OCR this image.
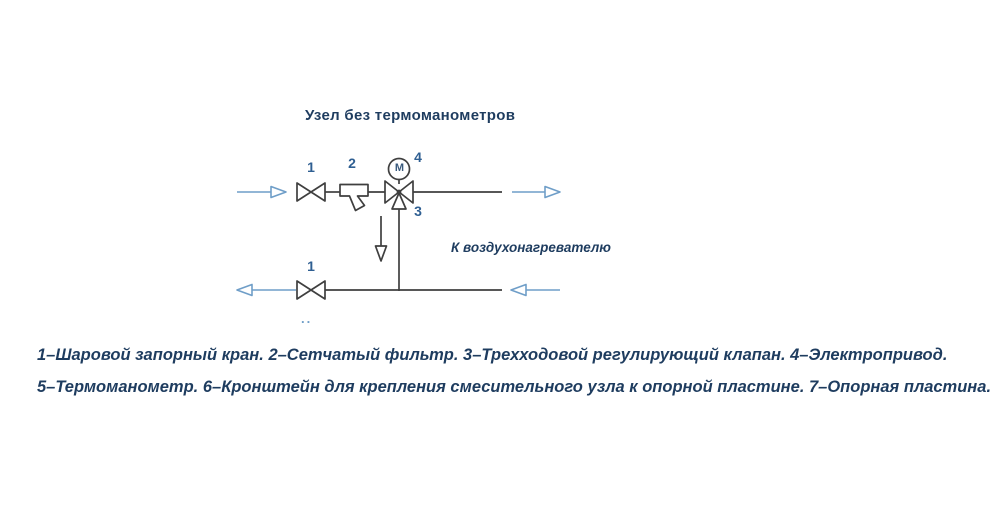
Узел без термоманометров
1 2	4
3
1
M
К воздухонагревателю
..
1–Шаровой запорный кран. 2–Сетчатый фильтр. 3–Трехходовой регулирующий клапан. 4–Электропривод.
5–Термоманометр. 6–Кронштейн для крепления смесительного узла к опорной пластине. 7–Опорная пластина.
